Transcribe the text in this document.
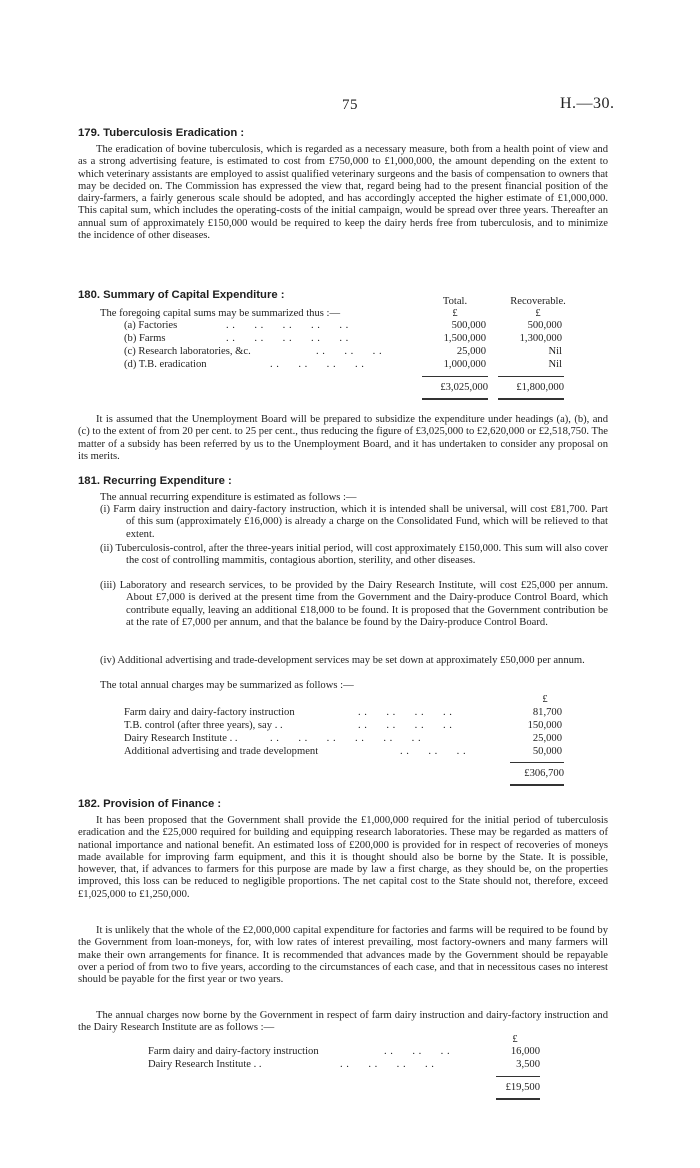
75	H.—30.
179. Tuberculosis Eradication :

The eradication of bovine tuberculosis, which is regarded as a necessary measure, both from a health point of view and as a strong advertising feature, is estimated to cost from £750,000 to £1,000,000, the amount depending on the extent to which veterinary assistants are employed to assist qualified veterinary surgeons and the basis of compensation to owners that may be decided on. The Commission has expressed the view that, regard being had to the present financial position of the dairy-farmers, a fairly generous scale should be adopted, and has accordingly accepted the higher estimate of £1,000,000. This capital sum, which includes the operating-costs of the initial campaign, would be spread over three years. Thereafter an annual sum of approximately £150,000 would be required to keep the dairy herds free from tuberculosis, and to minimize the incidence of other diseases.

180. Summary of Capital Expenditure :
Total.	Recoverable.
The foregoing capital sums may be summarized thus :—	£	£
(a) Factories	. .      . .      . .      . .      . .	500,000	500,000
(b) Farms	. .      . .      . .      . .      . .	1,500,000	1,300,000
(c) Research laboratories, &c.	. .      . .      . .	25,000	Nil
(d) T.B. eradication	. .      . .      . .      . .	1,000,000	Nil
£3,025,000	£1,800,000

It is assumed that the Unemployment Board will be prepared to subsidize the expenditure under headings (a), (b), and (c) to the extent of from 20 per cent. to 25 per cent., thus reducing the figure of £3,025,000 to £2,620,000 or £2,518,750. The matter of a subsidy has been referred by us to the Unemployment Board, and it has undertaken to consider any proposal on its merits.

181. Recurring Expenditure :
The annual recurring expenditure is estimated as follows :—

(i) Farm dairy instruction and dairy-factory instruction, which it is intended shall be universal, will cost £81,700. Part of this sum (approximately £16,000) is already a charge on the Consolidated Fund, which will be relieved to that extent.

(ii) Tuberculosis-control, after the three-years initial period, will cost approximately £150,000. This sum will also cover the cost of controlling mammitis, contagious abortion, sterility, and other diseases.

(iii) Laboratory and research services, to be provided by the Dairy Research Institute, will cost £25,000 per annum. About £7,000 is derived at the present time from the Government and the Dairy-produce Control Board, which contribute equally, leaving an additional £18,000 to be found. It is proposed that the Government contribution be at the rate of £7,000 per annum, and that the balance be found by the Dairy-produce Control Board.

(iv) Additional advertising and trade-development services may be set down at approximately £50,000 per annum.

The total annual charges may be summarized as follows :—
£
Farm dairy and dairy-factory instruction	. .      . .      . .      . .	81,700
T.B. control (after three years), say . .	. .      . .      . .      . .	150,000
Dairy Research Institute . .	. .      . .      . .      . .      . .      . .	25,000
Additional advertising and trade development	. .      . .      . .	50,000
£306,700
182. Provision of Finance :

It has been proposed that the Government shall provide the £1,000,000 required for the initial period of tuberculosis eradication and the £25,000 required for building and equipping research laboratories. These may be regarded as matters of national importance and national benefit. An estimated loss of £200,000 is provided for in respect of recoveries of moneys made available for improving farm equipment, and this it is thought should also be borne by the State. It is possible, however, that, if advances to farmers for this purpose are made by law a first charge, as they should be, on the properties improved, this loss can be reduced to negligible proportions. The net capital cost to the State should not, therefore, exceed £1,025,000 to £1,250,000.

It is unlikely that the whole of the £2,000,000 capital expenditure for factories and farms will be required to be found by the Government from loan-moneys, for, with low rates of interest prevailing, most factory-owners and many farmers will make their own arrangements for finance. It is recommended that advances made by the Government should be repayable over a period of from two to five years, according to the circumstances of each case, and that in necessitous cases no interest should be payable for the first year or two years.

The annual charges now borne by the Government in respect of farm dairy instruction and dairy-factory instruction and the Dairy Research Institute are as follows :—

£
Farm dairy and dairy-factory instruction	. .      . .      . .	16,000
Dairy Research Institute . .	. .      . .      . .      . .	3,500
£19,500
